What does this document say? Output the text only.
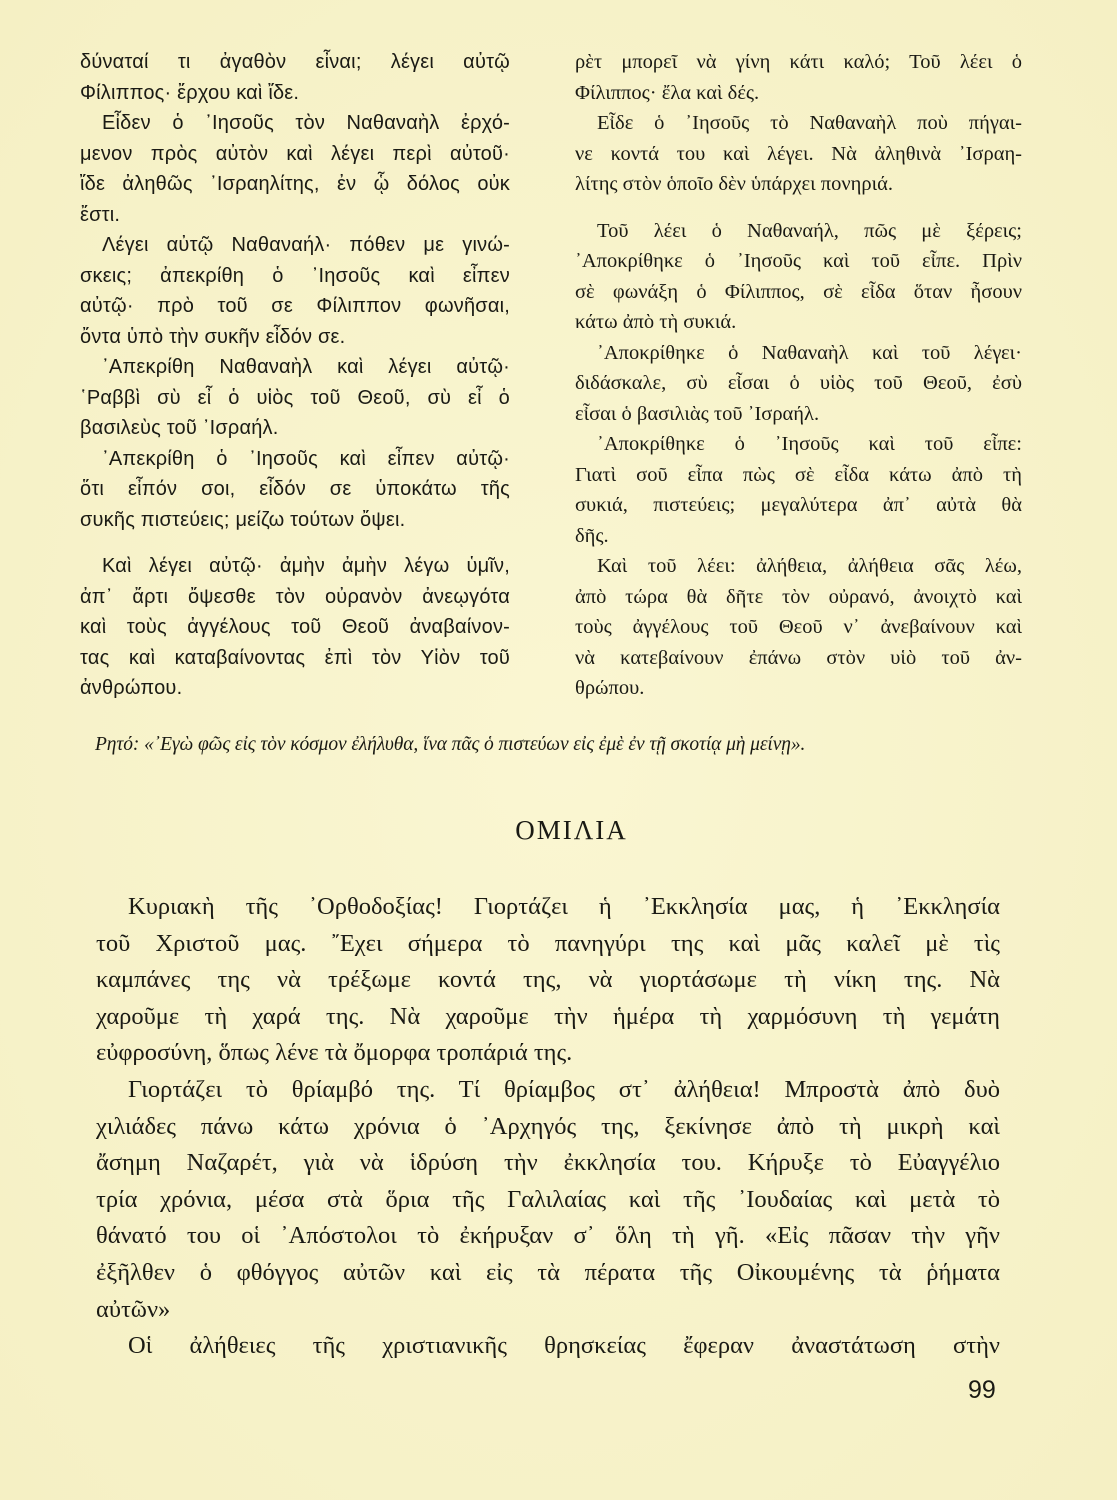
δύναταί τι ἀγαθὸν εἶναι; λέγει αὐτῷ
Φίλιππος· ἔρχου καὶ ἴδε.
Εἶδεν ὁ ᾿Ιησοῦς τὸν Ναθαναὴλ ἐρχό-
μενον πρὸς αὐτὸν καὶ λέγει περὶ αὐτοῦ·
ἴδε ἀληθῶς ᾿Ισραηλίτης, ἐν ᾧ δόλος οὐκ
ἔστι.
Λέγει αὐτῷ Ναθαναήλ· πόθεν με γινώ-
σκεις; ἀπεκρίθη ὁ ᾿Ιησοῦς καὶ εἶπεν
αὐτῷ· πρὸ τοῦ σε Φίλιππον φωνῆσαι,
ὄντα ὑπὸ τὴν συκῆν εἶδόν σε.
᾿Απεκρίθη Ναθαναὴλ καὶ λέγει αὐτῷ·
῾Ραββὶ σὺ εἶ ὁ υἱὸς τοῦ Θεοῦ, σὺ εἶ ὁ
βασιλεὺς τοῦ ᾿Ισραήλ.
᾿Απεκρίθη ὁ ᾿Ιησοῦς καὶ εἶπεν αὐτῷ·
ὅτι εἶπόν σοι, εἶδόν σε ὑποκάτω τῆς
συκῆς πιστεύεις; μείζω τούτων ὄψει.
Καὶ λέγει αὐτῷ· ἀμὴν ἀμὴν λέγω ὑμῖν,
ἀπ᾿ ἄρτι ὄψεσθε τὸν οὐρανὸν ἀνεῳγότα
καὶ τοὺς ἀγγέλους τοῦ Θεοῦ ἀναβαίνον-
τας καὶ καταβαίνοντας ἐπὶ τὸν Υἱὸν τοῦ
ἀνθρώπου.
ρὲτ μπορεῖ νὰ γίνη κάτι καλό; Τοῦ λέει ὁ
Φίλιππος· ἔλα καὶ δές.
Εἶδε ὁ ᾿Ιησοῦς τὸ Ναθαναὴλ ποὺ πήγαι-
νε κοντά του καὶ λέγει. Νὰ ἀληθινὰ ᾿Ισραη-
λίτης στὸν ὁποῖο δὲν ὑπάρχει πονηριά.
Τοῦ λέει ὁ Ναθαναήλ, πῶς μὲ ξέρεις;
᾿Αποκρίθηκε ὁ ᾿Ιησοῦς καὶ τοῦ εἶπε. Πρὶν
σὲ φωνάξη ὁ Φίλιππος, σὲ εἶδα ὅταν ἦσουν
κάτω ἀπὸ τὴ συκιά.
᾿Αποκρίθηκε ὁ Ναθαναὴλ καὶ τοῦ λέγει·
διδάσκαλε, σὺ εἶσαι ὁ υἱὸς τοῦ Θεοῦ, ἐσὺ
εἶσαι ὁ βασιλιὰς τοῦ ᾿Ισραήλ.
᾿Αποκρίθηκε ὁ ᾿Ιησοῦς καὶ τοῦ εἶπε:
Γιατὶ σοῦ εἶπα πὼς σὲ εἶδα κάτω ἀπὸ τὴ
συκιά, πιστεύεις; μεγαλύτερα ἀπ᾿ αὐτὰ θὰ
δῆς.
Καὶ τοῦ λέει: ἀλήθεια, ἀλήθεια σᾶς λέω,
ἀπὸ τώρα θὰ δῆτε τὸν οὐρανό, ἀνοιχτὸ καὶ
τοὺς ἀγγέλους τοῦ Θεοῦ ν᾿ ἀνεβαίνουν καὶ
νὰ κατεβαίνουν ἐπάνω στὸν υἱὸ τοῦ ἀν-
θρώπου.
Ρητό: «᾿Εγὼ φῶς εἰς τὸν κόσμον ἐλήλυθα, ἵνα πᾶς ὁ πιστεύων εἰς ἐμὲ ἐν τῇ σκοτίᾳ μὴ μείνῃ».
ΟΜΙΛΙΑ
Κυριακὴ τῆς ᾿Ορθοδοξίας! Γιορτάζει ἡ ᾿Εκκλησία μας, ἡ ᾿Εκκλησία
τοῦ Χριστοῦ μας. ῎Εχει σήμερα τὸ πανηγύρι της καὶ μᾶς καλεῖ μὲ τὶς
καμπάνες της νὰ τρέξωμε κοντά της, νὰ γιορτάσωμε τὴ νίκη της. Νὰ
χαροῦμε τὴ χαρά της. Νὰ χαροῦμε τὴν ἡμέρα τὴ χαρμόσυνη τὴ γεμάτη
εὐφροσύνη, ὅπως λένε τὰ ὄμορφα τροπάριά της.
Γιορτάζει τὸ θρίαμβό της. Τί θρίαμβος στ᾿ ἀλήθεια! Μπροστὰ ἀπὸ δυὸ
χιλιάδες πάνω κάτω χρόνια ὁ ᾿Αρχηγός της, ξεκίνησε ἀπὸ τὴ μικρὴ καὶ
ἄσημη Ναζαρέτ, γιὰ νὰ ἱδρύση τὴν ἐκκλησία του. Κήρυξε τὸ Εὐαγγέλιο
τρία χρόνια, μέσα στὰ ὅρια τῆς Γαλιλαίας καὶ τῆς ᾿Ιουδαίας καὶ μετὰ τὸ
θάνατό του οἱ ᾿Απόστολοι τὸ ἐκήρυξαν σ᾿ ὅλη τὴ γῆ. «Εἰς πᾶσαν τὴν γῆν
ἐξῆλθεν ὁ φθόγγος αὐτῶν καὶ εἰς τὰ πέρατα τῆς Οἰκουμένης τὰ ῥήματα
αὐτῶν»
Οἱ ἀλήθειες τῆς χριστιανικῆς θρησκείας ἔφεραν ἀναστάτωση στὴν
99
